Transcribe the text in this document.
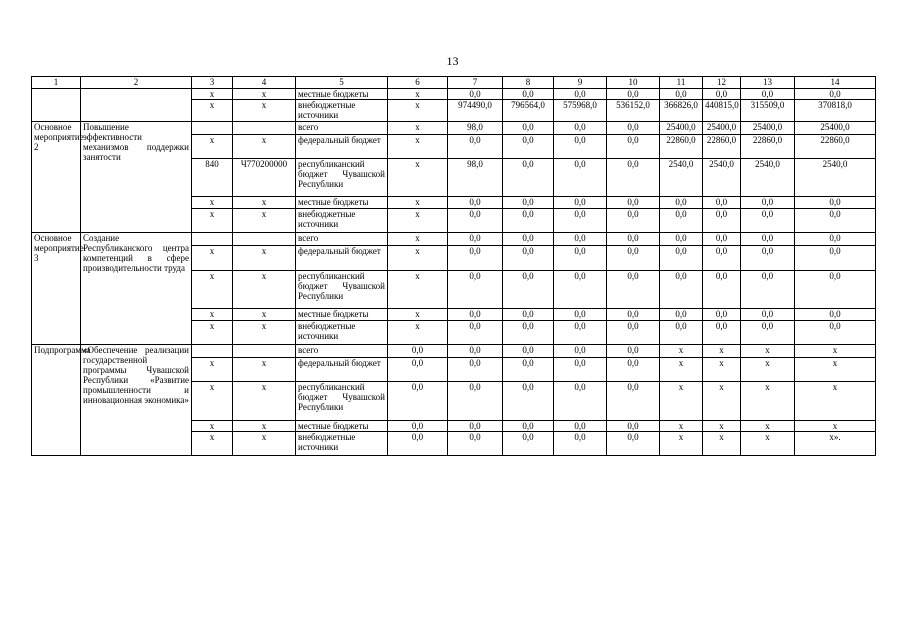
13
1	2	3	4	5	6	7	8	9	10	11	12	13	14
		х	х	местные бюджеты	х	0,0	0,0	0,0	0,0	0,0	0,0	0,0	0,0
		х	х	внебюджетные источники	х	974490,0	796564,0	575968,0	536152,0	366826,0	440815,0	315509,0	370818,0
Основное мероприятие 2	Повышение эффективности механизмов поддержки занятости			всего	х	98,0	0,0	0,0	0,0	25400,0	25400,0	25400,0	25400,0
		х	х	федеральный бюджет	х	0,0	0,0	0,0	0,0	22860,0	22860,0	22860,0	22860,0
		840	Ч770200000	республиканский бюджет Чувашской Республики	х	98,0	0,0	0,0	0,0	2540,0	2540,0	2540,0	2540,0
		х	х	местные бюджеты	х	0,0	0,0	0,0	0,0	0,0	0,0	0,0	0,0
		х	х	внебюджетные источники	х	0,0	0,0	0,0	0,0	0,0	0,0	0,0	0,0
Основное мероприятие 3	Создание Республиканского центра компетенций в сфере производительности труда			всего	х	0,0	0,0	0,0	0,0	0,0	0,0	0,0	0,0
		х	х	федеральный бюджет	х	0,0	0,0	0,0	0,0	0,0	0,0	0,0	0,0
		х	х	республиканский бюджет Чувашской Республики	х	0,0	0,0	0,0	0,0	0,0	0,0	0,0	0,0
		х	х	местные бюджеты	х	0,0	0,0	0,0	0,0	0,0	0,0	0,0	0,0
		х	х	внебюджетные источники	х	0,0	0,0	0,0	0,0	0,0	0,0	0,0	0,0
Подпрограмма	«Обеспечение реализации государственной программы Чувашской Республики «Развитие промышленности и инновационная экономика»			всего	0,0	0,0	0,0	0,0	0,0	х	х	х	х
		х	х	федеральный бюджет	0,0	0,0	0,0	0,0	0,0	х	х	х	х
		х	х	республиканский бюджет Чувашской Республики	0,0	0,0	0,0	0,0	0,0	х	х	х	х
		х	х	местные бюджеты	0,0	0,0	0,0	0,0	0,0	х	х	х	х
		х	х	внебюджетные источники	0,0	0,0	0,0	0,0	0,0	х	х	х	х».
